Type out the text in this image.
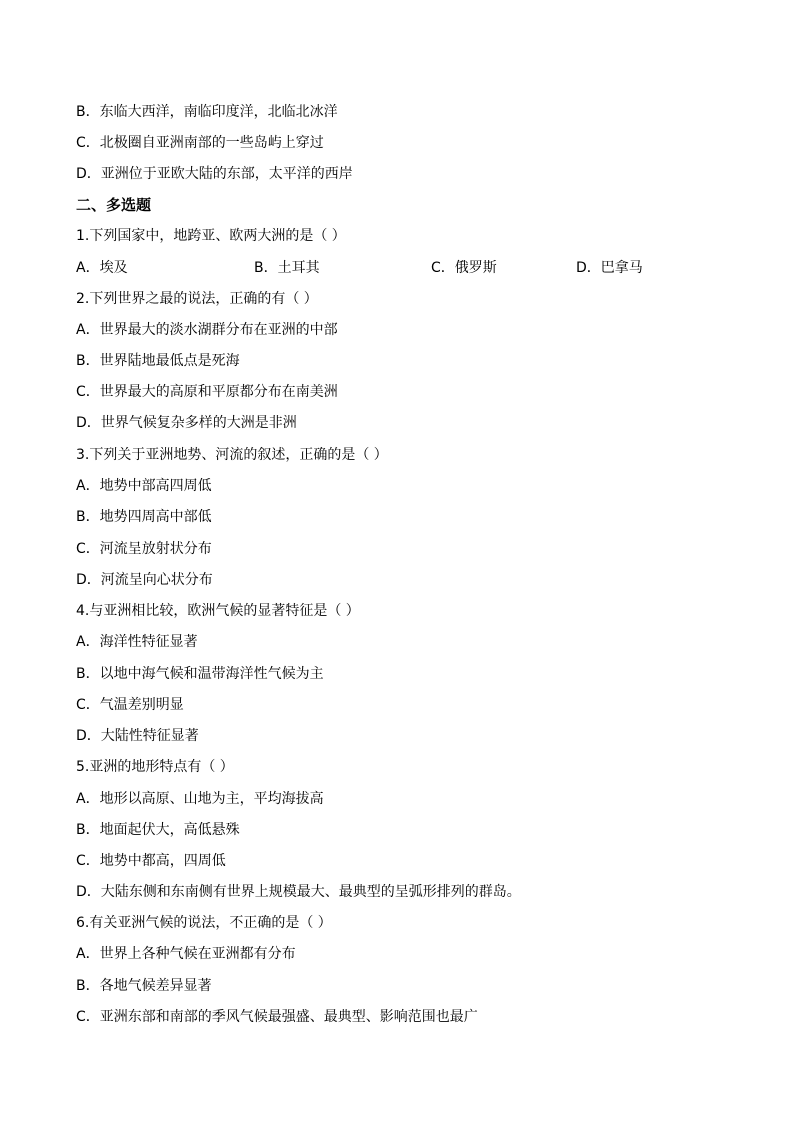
B．东临大西洋，南临印度洋，北临北冰洋
C．北极圈自亚洲南部的一些岛屿上穿过
D．亚洲位于亚欧大陆的东部，太平洋的西岸
二、多选题
1.下列国家中，地跨亚、欧两大洲的是（ ）
A．埃及	B．土耳其	C．俄罗斯	D．巴拿马
2.下列世界之最的说法，正确的有（ ）
A．世界最大的淡水湖群分布在亚洲的中部
B．世界陆地最低点是死海
C．世界最大的高原和平原都分布在南美洲
D．世界气候复杂多样的大洲是非洲
3.下列关于亚洲地势、河流的叙述，正确的是（ ）
A．地势中部高四周低
B．地势四周高中部低
C．河流呈放射状分布
D．河流呈向心状分布
4.与亚洲相比较，欧洲气候的显著特征是（ ）
A．海洋性特征显著
B．以地中海气候和温带海洋性气候为主
C．气温差别明显
D．大陆性特征显著
5.亚洲的地形特点有（ ）
A．地形以高原、山地为主，平均海拔高
B．地面起伏大，高低悬殊
C．地势中都高，四周低
D．大陆东侧和东南侧有世界上规模最大、最典型的呈弧形排列的群岛。
6.有关亚洲气候的说法，不正确的是（ ）
A．世界上各种气候在亚洲都有分布
B．各地气候差异显著
C．亚洲东部和南部的季风气候最强盛、最典型、影响范围也最广
